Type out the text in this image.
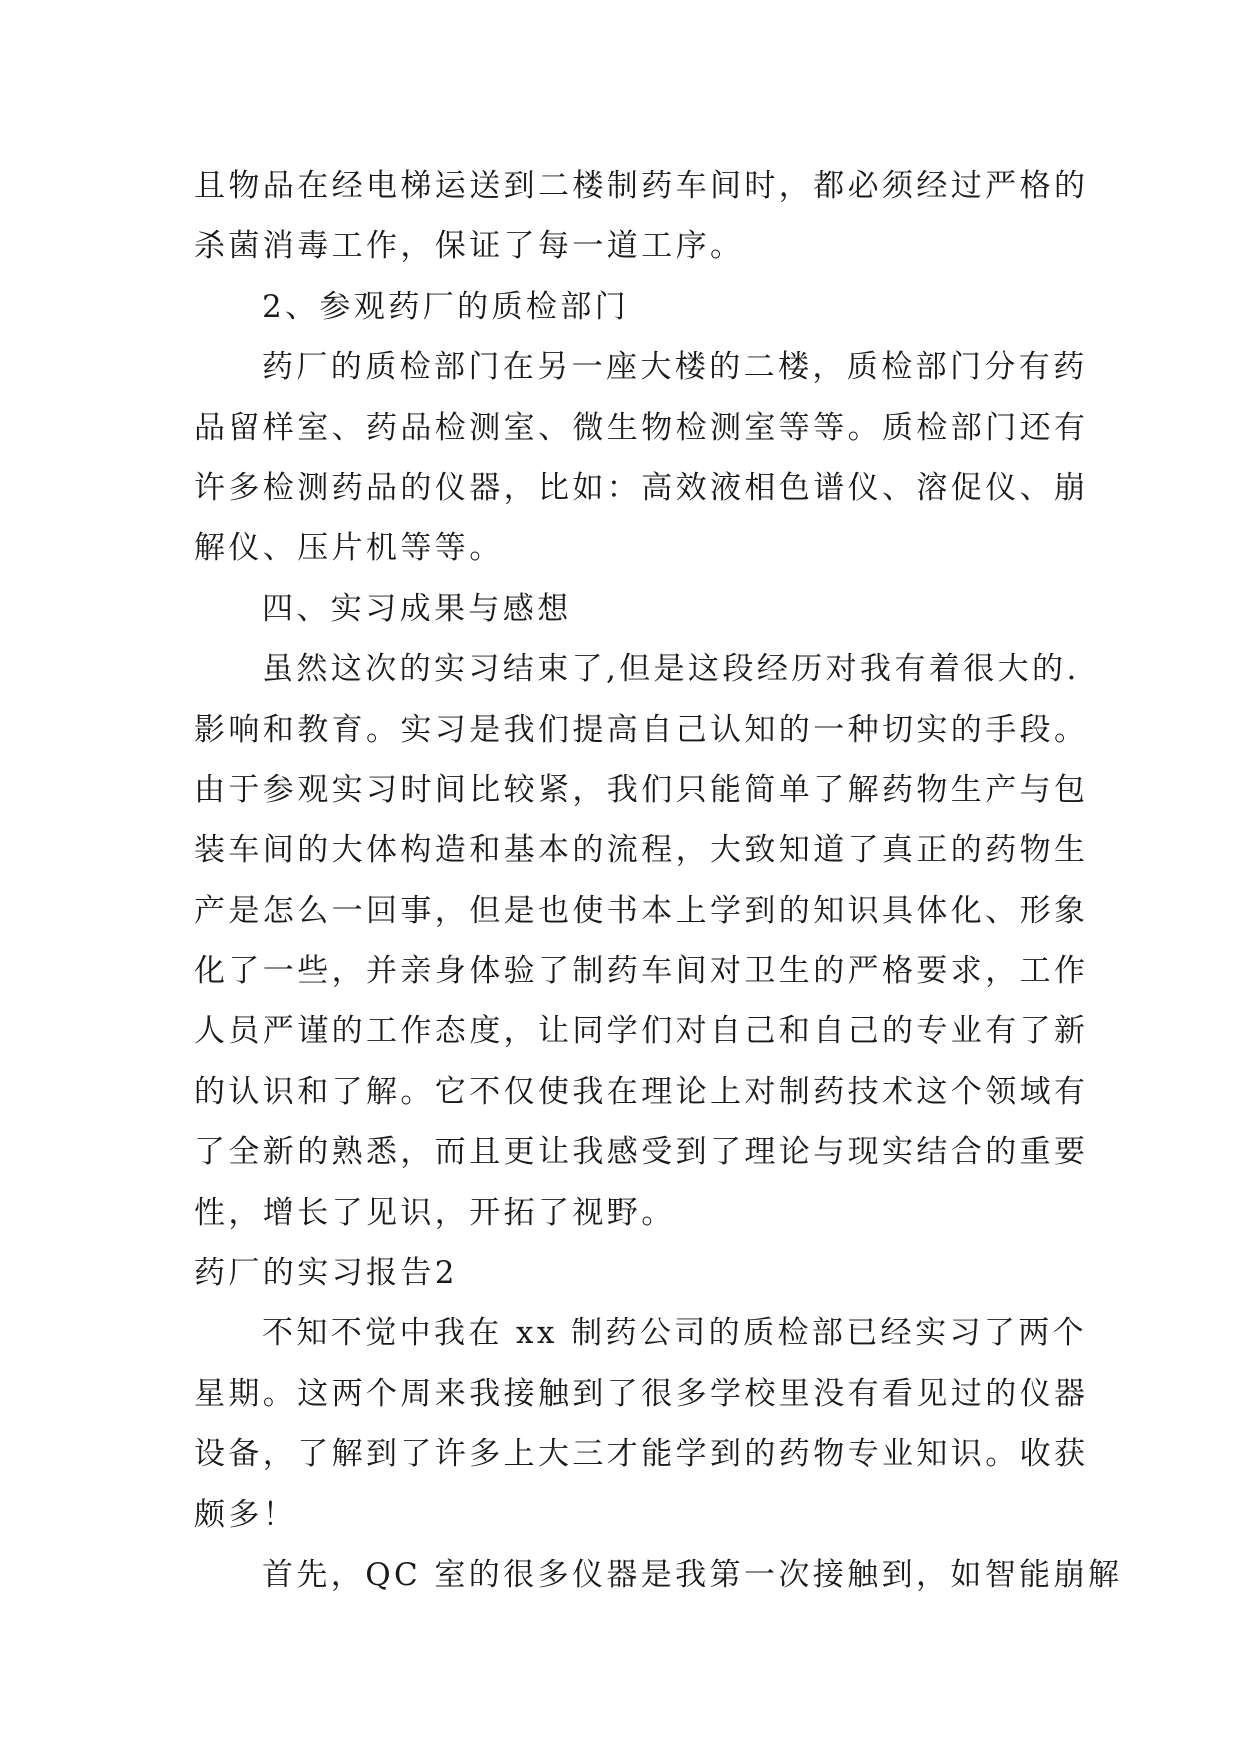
且物品在经电梯运送到二楼制药车间时，都必须经过严格的
杀菌消毒工作，保证了每一道工序。
2、参观药厂的质检部门
药厂的质检部门在另一座大楼的二楼，质检部门分有药
品留样室、药品检测室、微生物检测室等等。质检部门还有
许多检测药品的仪器，比如：高效液相色谱仪、溶促仪、崩
解仪、压片机等等。
四、实习成果与感想
虽然这次的实习结束了,但是这段经历对我有着很大的.
影响和教育。实习是我们提高自己认知的一种切实的手段。
由于参观实习时间比较紧，我们只能简单了解药物生产与包
装车间的大体构造和基本的流程，大致知道了真正的药物生
产是怎么一回事，但是也使书本上学到的知识具体化、形象
化了一些，并亲身体验了制药车间对卫生的严格要求，工作
人员严谨的工作态度，让同学们对自己和自己的专业有了新
的认识和了解。它不仅使我在理论上对制药技术这个领域有
了全新的熟悉，而且更让我感受到了理论与现实结合的重要
性，增长了见识，开拓了视野。
药厂的实习报告2
不知不觉中我在 xx 制药公司的质检部已经实习了两个
星期。这两个周来我接触到了很多学校里没有看见过的仪器
设备，了解到了许多上大三才能学到的药物专业知识。收获
颇多！
首先，QC 室的很多仪器是我第一次接触到，如智能崩解
